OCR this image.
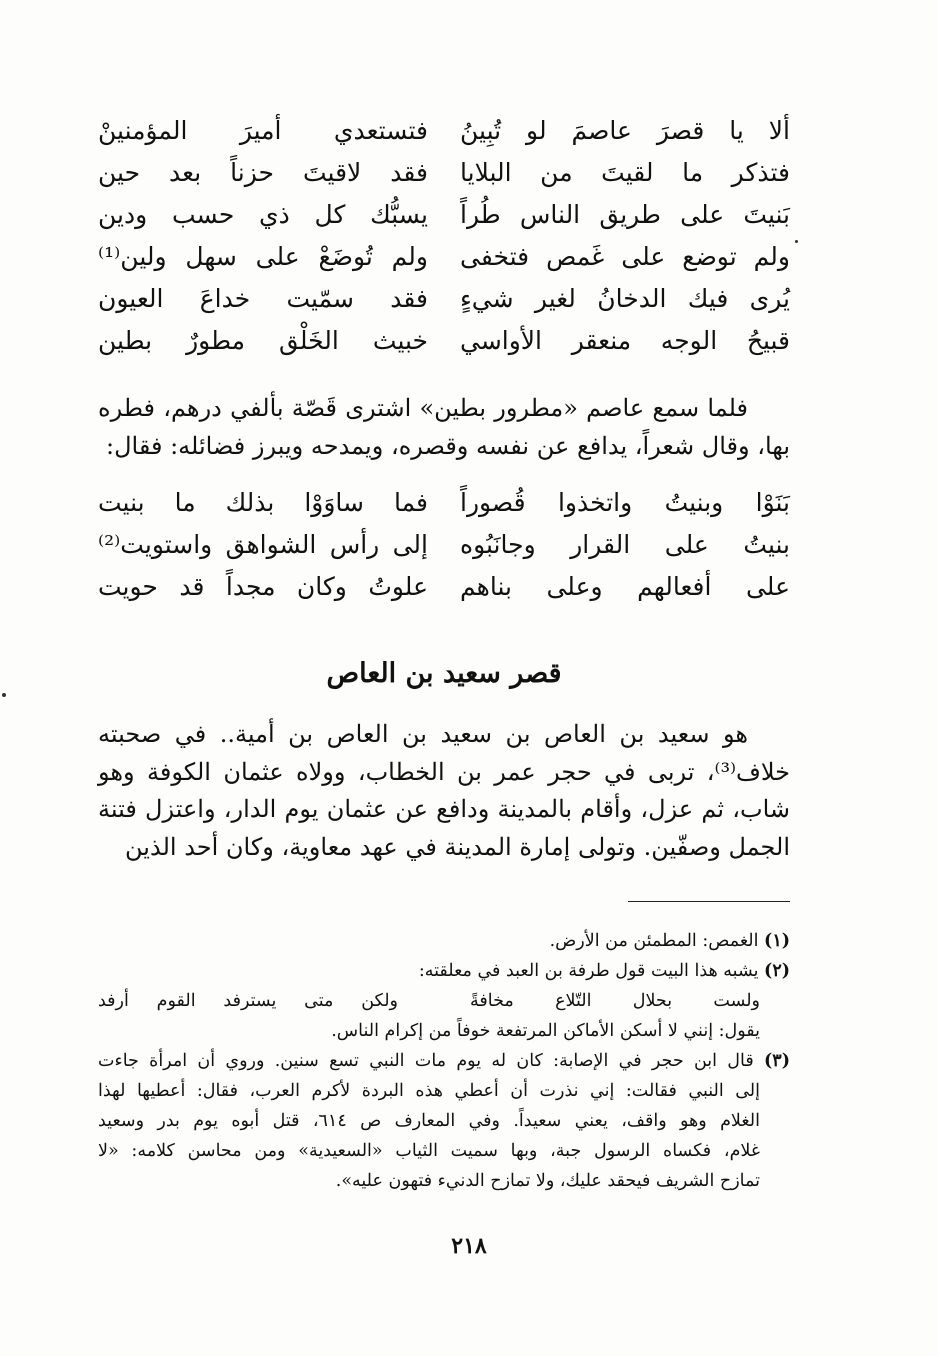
ألا يا قصرَ عاصمَ لو تُبِينُ
فتستعدي أميرَ المؤمنينْ
فتذكر ما لقيتَ من البلايا
فقد لاقيتَ حزناً بعد حين
بَنيتَ على طريق الناس طُراً
يسبُّك كل ذي حسب ودين
ولم توضع على غَمص فتخفى
ولم تُوضَعْ على سهل ولين⁽¹⁾
يُرى فيك الدخانُ لغير شيءٍ
فقد سمّيت خداعَ العيون
قبيحُ الوجه منعقر الأواسي
خبيث الخَلْق مطورٌ بطين
فلما سمع عاصم «مطرور بطين» اشترى قَصّة بألفي درهم، فطره بها، وقال شعراً، يدافع عن نفسه وقصره، ويمدحه ويبرز فضائله: فقال:
بَنَوْا وبنيتُ واتخذوا قُصوراً
فما ساوَوْا بذلك ما بنيت
بنيتُ على القرار وجانَبُوه
إلى رأس الشواهق واستويت⁽²⁾
على أفعالهم وعلى بناهم
علوتُ وكان مجداً قد حويت
قصر سعيد بن العاص
هو سعيد بن العاص بن سعيد بن العاص بن أمية.. في صحبته خلاف⁽³⁾، تربى في حجر عمر بن الخطاب، وولاه عثمان الكوفة وهو شاب، ثم عزل، وأقام بالمدينة ودافع عن عثمان يوم الدار، واعتزل فتنة الجمل وصفّين. وتولى إمارة المدينة في عهد معاوية، وكان أحد الذين
(١) الغمص: المطمئن من الأرض.
(٢) يشبه هذا البيت قول طرفة بن العبد في معلقته:
ولست بحلال التّلاع مخافةً
ولكن متى يسترفد القوم أرفد
يقول: إنني لا أسكن الأماكن المرتفعة خوفاً من إكرام الناس.
(٣) قال ابن حجر في الإصابة: كان له يوم مات النبي تسع سنين. وروي أن امرأة جاءت
إلى النبي فقالت: إني نذرت أن أعطي هذه البردة لأكرم العرب، فقال: أعطيها لهذا
الغلام وهو واقف، يعني سعيداً. وفي المعارف ص ٦١٤، قتل أبوه يوم بدر وسعيد
غلام، فكساه الرسول جبة، وبها سميت الثياب «السعيدية» ومن محاسن كلامه: «لا
تمازح الشريف فيحقد عليك، ولا تمازح الدنيء فتهون عليه».
٢١٨
